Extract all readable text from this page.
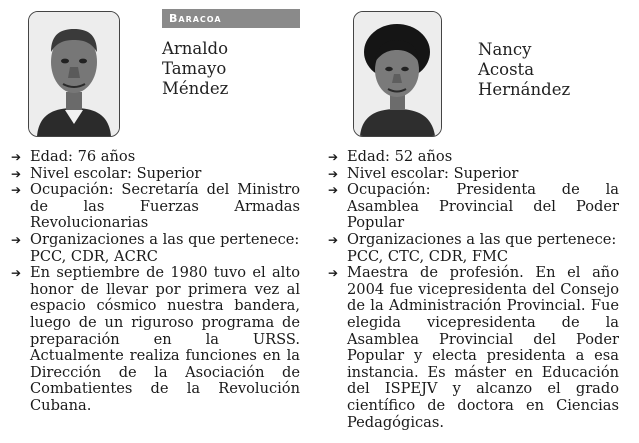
Baracoa
Arnaldo
Tamayo
Méndez
➔ Edad: 76 años
➔ Nivel escolar: Superior
➔ Ocupación: Secretaría del Ministro de las Fuerzas Armadas Revolucionarias
➔ Organizaciones a las que pertenece:
PCC, CDR, ACRC
➔ En septiembre de 1980 tuvo el alto honor de llevar por primera vez al espacio cósmico nuestra bandera, luego de un riguroso programa de preparación en la URSS. Actualmente realiza funciones en la Dirección de la Asociación de Combatientes de la Revolución Cubana.
Nancy
Acosta
Hernández
➔ Edad: 52 años
➔ Nivel escolar: Superior
➔ Ocupación: Presidenta de la Asamblea Provincial del Poder Popular
➔ Organizaciones a las que pertenece:
PCC, CTC, CDR, FMC
➔ Maestra de profesión. En el año 2004 fue vicepresidenta del Consejo de la Administración Provincial. Fue elegida vicepresidenta de la Asamblea Provincial del Poder Popular y electa presidenta a esa instancia. Es máster en Educación del ISPEJV y alcanzo el grado científico de doctora en Ciencias Pedagógicas.
